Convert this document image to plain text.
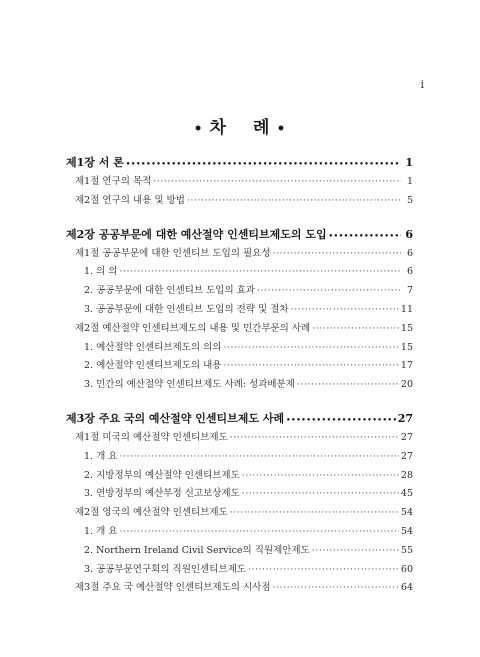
i
• 차 례 •
제1장 서 론 •••••	1
제1절 연구의 목적 ·····	1
제2절 연구의 내용 및 방법 ·····	5
제2장 공공부문에 대한 예산절약 인센티브제도의 도입 •••••	6
제1절 공공부문에 대한 인센티브 도입의 필요성 ·····	6
1. 의 의 ·····	6
2. 공공부문에 대한 인센티브 도입의 효과 ·····	7
3. 공공부문에 대한 인센티브 도입의 전략 및 절차 ·····	11
제2절 예산절약 인센티브제도의 내용 및 민간부문의 사례 ·····	15
1. 예산절약 인센티브제도의 의의 ·····	15
2. 예산절약 인센티브제도의 내용 ·····	17
3. 민간의 예산절약 인센티브제도 사례: 성과배분제 ·····	20
제3장 주요 국의 예산절약 인센티브제도 사례 •••••	27
제1절 미국의 예산절약 인센티브제도 ·····	27
1. 개 요 ·····	27
2. 지방정부의 예산절약 인센티브제도 ·····	28
3. 연방정부의 예산부정 신고보상제도 ·····	45
제2절 영국의 예산절약 인센티브제도 ·····	54
1. 개 요 ·····	54
2. Northern Ireland Civil Service의 직원제안제도 ·····	55
3. 공공부문연구회의 직원인센티브제도 ·····	60
제3절 주요 국 예산절약 인센티브제도의 시사점 ·····	64
